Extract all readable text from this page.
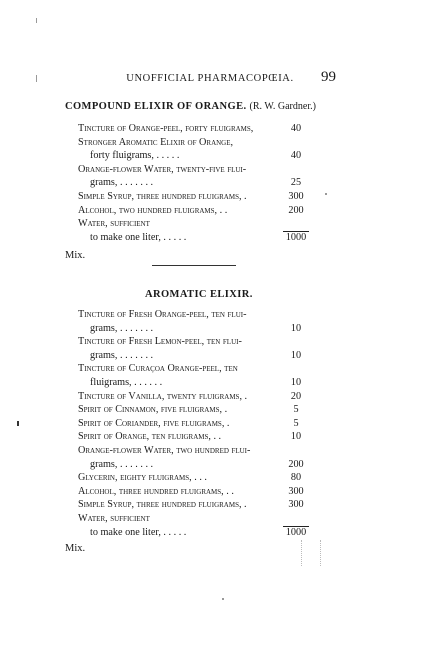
UNOFFICIAL PHARMACOPŒIA.	99
COMPOUND ELIXIR OF ORANGE. (R. W. Gardner.)
Tincture of Orange-peel, forty fluigrams,	40
Stronger Aromatic Elixir of Orange,
forty fluigrams, . . . . .	40
Orange-flower Water, twenty-five flui-
grams, . . . . . . .	25
Simple Syrup, three hundred fluigrams, .	300
Alcohol, two hundred fluigrams, . .	200
Water, sufficient
to make one liter, . . . . .	1000
Mix.
AROMATIC ELIXIR.
Tincture of Fresh Orange-peel, ten flui-
grams, . . . . . . .	10
Tincture of Fresh Lemon-peel, ten flui-
grams, . . . . . . .	10
Tincture of Curaçoa Orange-peel, ten
fluigrams, . . . . . .	10
Tincture of Vanilla, twenty fluigrams, .	20
Spirit of Cinnamon, five fluigrams, .	5
Spirit of Coriander, five fluigrams, .	5
Spirit of Orange, ten fluigrams, . .	10
Orange-flower Water, two hundred flui-
grams, . . . . . . .	200
Glycerin, eighty fluigrams, . . .	80
Alcohol, three hundred fluigrams, . .	300
Simple Syrup, three hundred fluigrams, .	300
Water, sufficient
to make one liter, . . . . .	1000
Mix.
